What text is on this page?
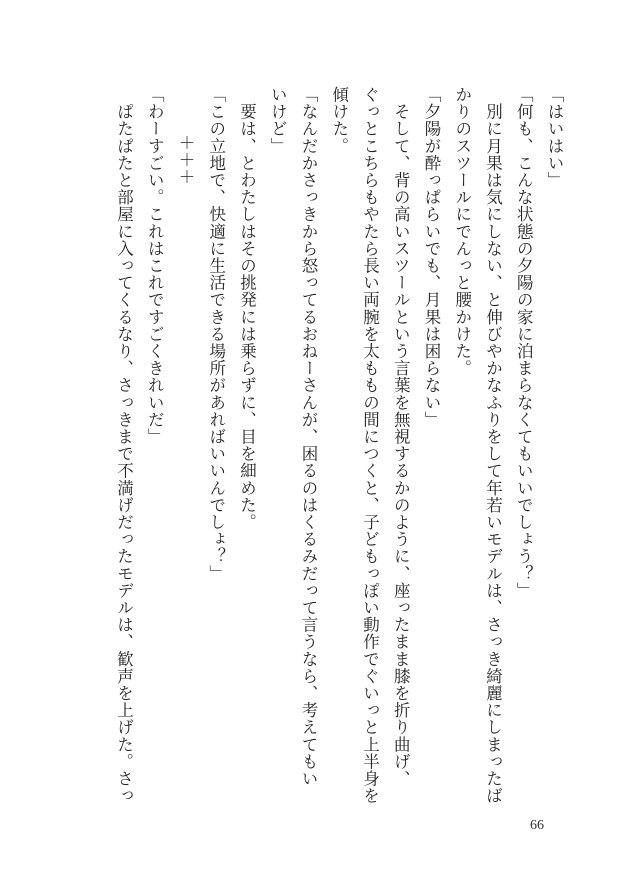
「はいはい」
「何も、こんな状態の夕陽の家に泊まらなくてもいいでしょう？」
　別に月果は気にしない、と伸びやかなふりをして年若いモデルは、さっき綺麗にしまったば
かりのスツールにでんっと腰かけた。
「夕陽が酔っぱらいでも、月果は困らない」
　そして、背の高いスツールという言葉を無視するかのように、座ったまま膝を折り曲げ、
ぐっとこちらもやたら長い両腕を太ももの間につくと、子どもっぽい動作でぐいっと上半身を
傾けた。
「なんだかさっきから怒ってるおねーさんが、困るのはくるみだって言うなら、考えてもい
いけど」
　要は、とわたしはその挑発には乗らずに、目を細めた。
「この立地で、快適に生活できる場所があればいいんでしょ？」
＋＋＋
「わーすごい。これはこれですごくきれいだ」
　ぱたぱたと部屋に入ってくるなり、さっきまで不満げだったモデルは、歓声を上げた。さっ
66
